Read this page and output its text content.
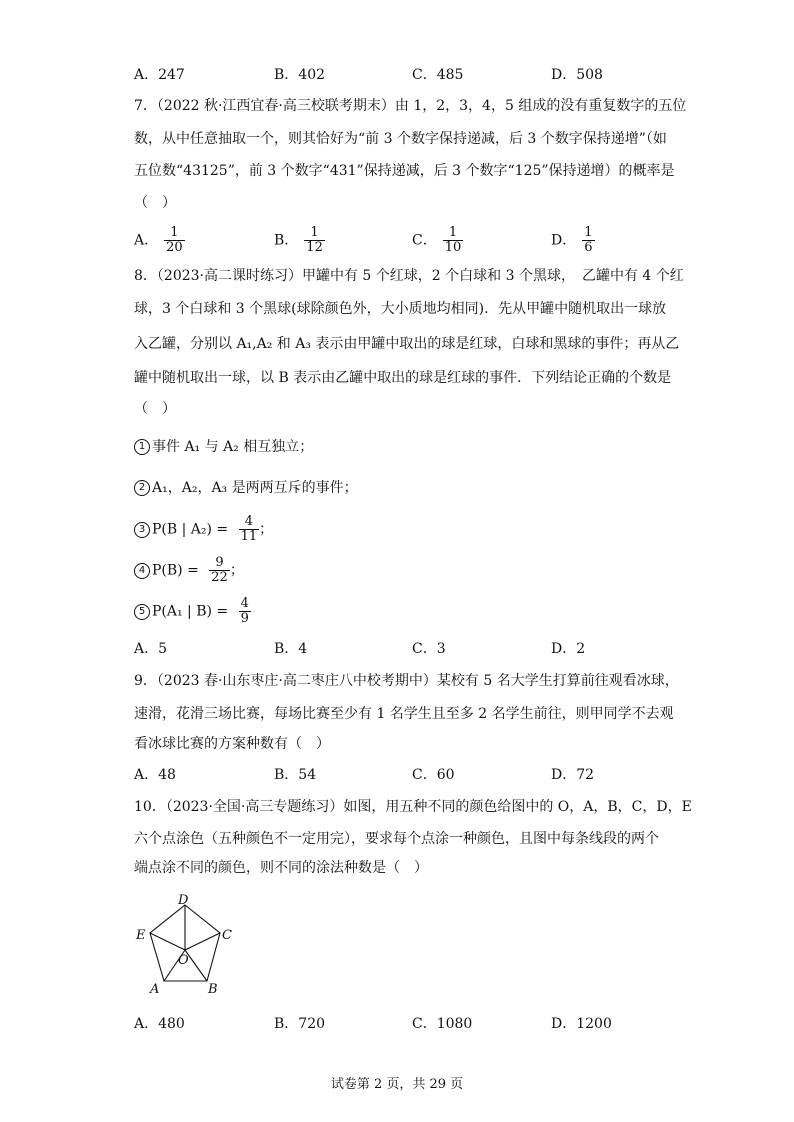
A．247	B．402	C．485	D．508
7．（2022 秋·江西宜春·高三校联考期末）由 1，2，3，4，5 组成的没有重复数字的五位
数，从中任意抽取一个，则其恰好为“前 3 个数字保持递减，后 3 个数字保持递增”（如
五位数“43125”，前 3 个数字“431”保持递减，后 3 个数字“125”保持递增）的概率是
（　）
A． $\frac{1}{20}$	B． $\frac{1}{12}$	C． $\frac{1}{10}$	D． $\frac{1}{6}$
8．（2023·高二课时练习）甲罐中有 5 个红球，2 个白球和 3 个黑球，　乙罐中有 4 个红
球，3 个白球和 3 个黑球(球除颜色外，大小质地均相同)．先从甲罐中随机取出一球放
入乙罐，分别以 A₁,A₂ 和 A₃ 表示由甲罐中取出的球是红球，白球和黑球的事件；再从乙
罐中随机取出一球，以 B 表示由乙罐中取出的球是红球的事件．下列结论正确的个数是
（　）
1 事件 A₁ 与 A₂ 相互独立；
2 A₁，A₂，A₃ 是两两互斥的事件；
3 P(B | $A_2) = \frac{4}{11}$ ；
4 $P(B) = \frac{9}{22}$ ；
5 P(A₁ | $B) = \frac{4}{9}$
A．5	B．4	C．3	D．2
9．（2023 春·山东枣庄·高二枣庄八中校考期中）某校有 5 名大学生打算前往观看冰球，
速滑，花滑三场比赛，每场比赛至少有 1 名学生且至多 2 名学生前往，则甲同学不去观
看冰球比赛的方案种数有（　）
A．48	B．54	C．60	D．72
10．（2023·全国·高三专题练习）如图，用五种不同的颜色给图中的 O，A，B，C，D，E
六个点涂色（五种颜色不一定用完），要求每个点涂一种颜色，且图中每条线段的两个
端点涂不同的颜色，则不同的涂法种数是（　）
D
E	C
O
A	B
A．480	B．720	C．1080	D．1200
试卷第 2 页，共 29 页
